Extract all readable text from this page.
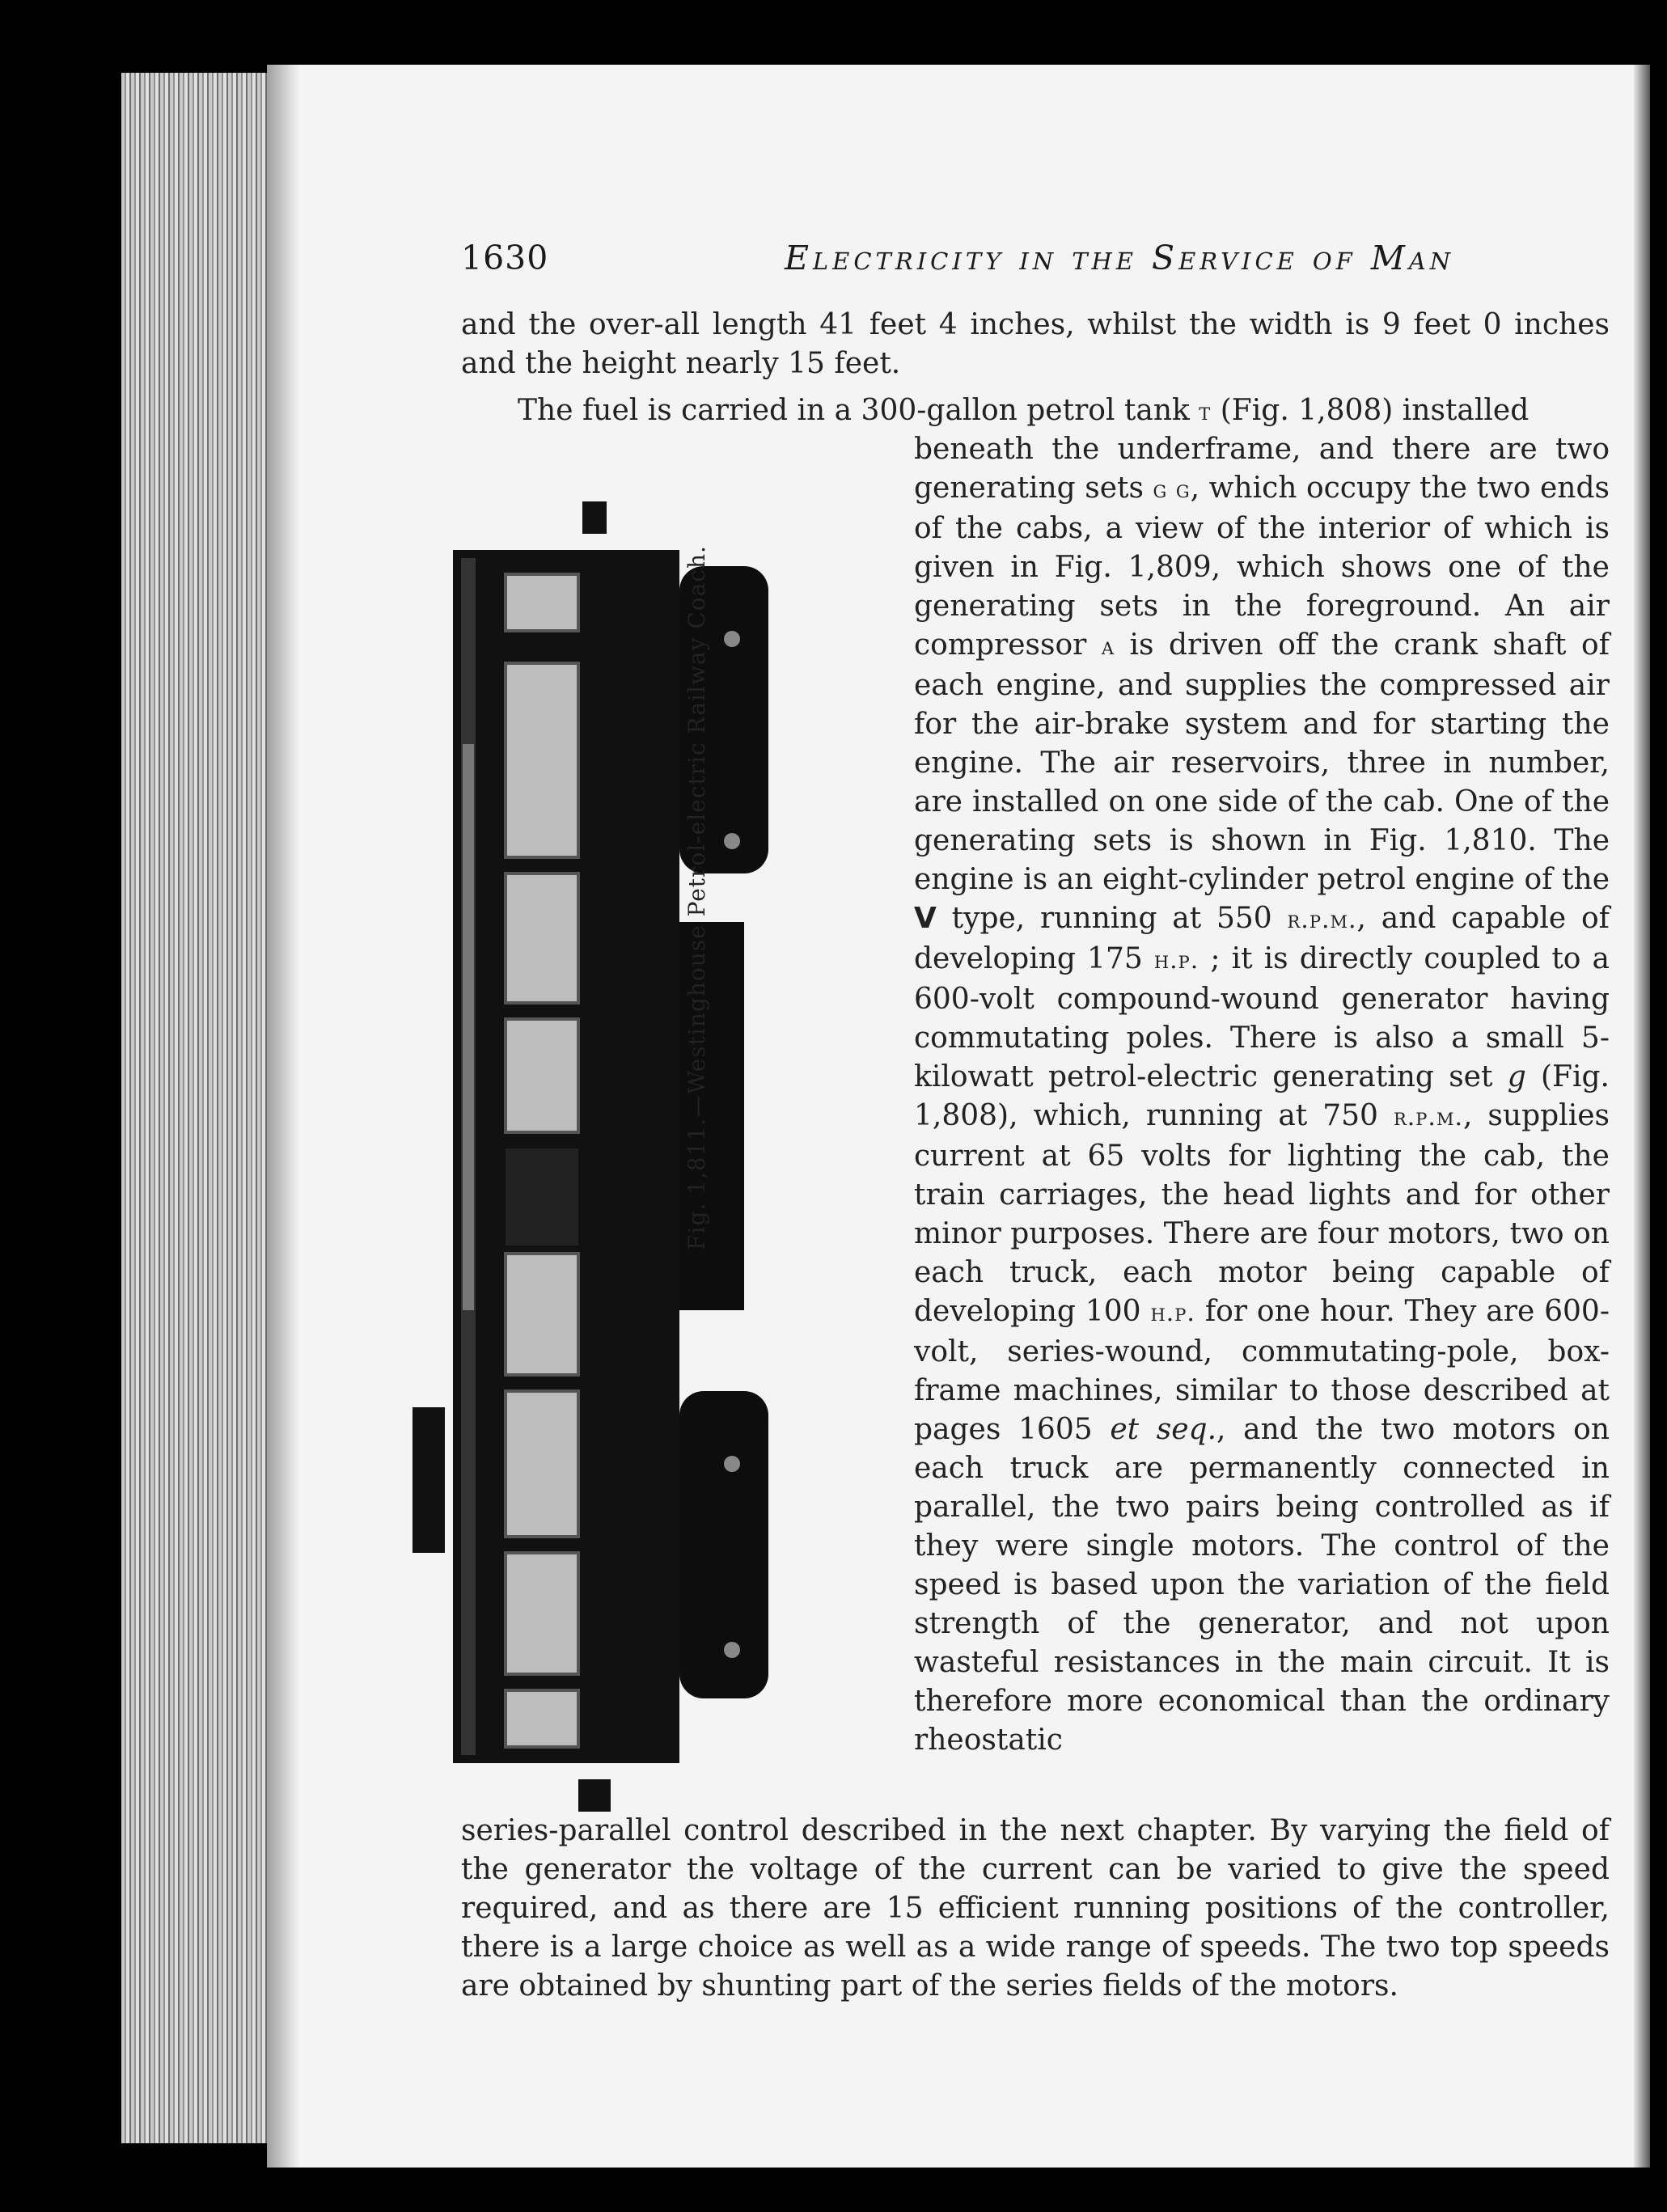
1630	Electricity in the Service of Man

and the over-all length 41 feet 4 inches, whilst the width is 9 feet 0 inches and the height nearly 15 feet.

The fuel is carried in a 300-gallon petrol tank t (Fig. 1,808) installed

beneath the underframe, and there are two generating sets g g, which occupy the two ends of the cabs, a view of the interior of which is given in Fig. 1,809, which shows one of the generating sets in the foreground. An air compressor a is driven off the crank shaft of each engine, and supplies the compressed air for the air-brake system and for starting the engine. The air reservoirs, three in number, are installed on one side of the cab. One of the generating sets is shown in Fig. 1,810. The engine is an eight-cylinder petrol engine of the V type, running at 550 r.p.m., and capable of developing 175 h.p. ; it is directly coupled to a 600-volt compound-wound generator having commutating poles. There is also a small 5-kilowatt petrol-electric generating set g (Fig. 1,808), which, running at 750 r.p.m., supplies current at 65 volts for lighting the cab, the train carriages, the head lights and for other minor purposes. There are four motors, two on each truck, each motor being capable of developing 100 h.p. for one hour. They are 600-volt, series-wound, commutating-pole, box-frame machines, similar to those described at pages 1605 et seq., and the two motors on each truck are permanently connected in parallel, the two pairs being controlled as if they were single motors. The control of the speed is based upon the variation of the field strength of the generator, and not upon wasteful resistances in the main circuit. It is therefore more economical than the ordinary rheostatic

series-parallel control described in the next chapter. By varying the field of the generator the voltage of the current can be varied to give the speed required, and as there are 15 efficient running positions of the controller, there is a large choice as well as a wide range of speeds. The two top speeds are obtained by shunting part of the series fields of the motors.

Fig. 1,811.—Westinghouse Petrol-electric Railway Coach.
